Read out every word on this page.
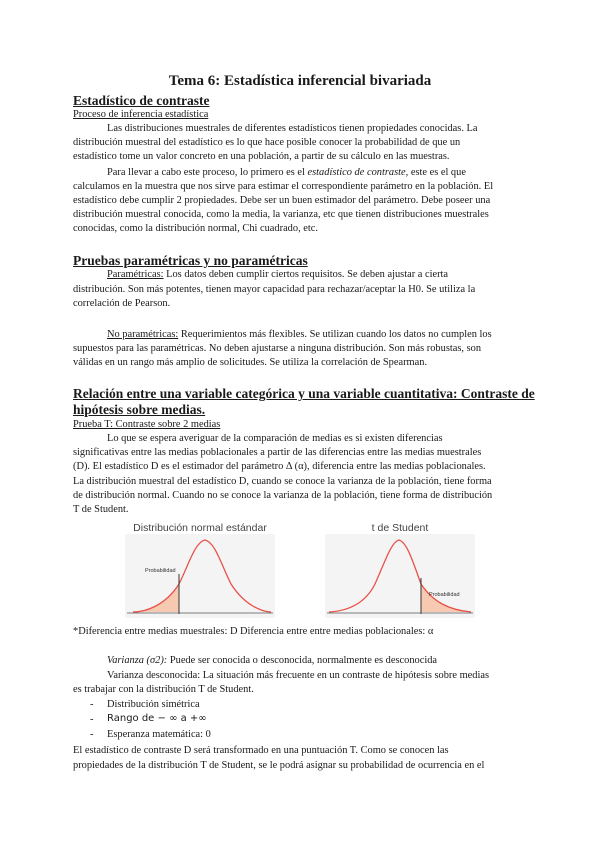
Tema 6: Estadística inferencial bivariada
Estadístico de contraste
Proceso de inferencia estadística
Las distribuciones muestrales de diferentes estadísticos tienen propiedades conocidas. La
distribución muestral del estadístico es lo que hace posible conocer la probabilidad de que un
estadístico tome un valor concreto en una población, a partir de su cálculo en las muestras.
Para llevar a cabo este proceso, lo primero es el estadístico de contraste, este es el que
calculamos en la muestra que nos sirve para estimar el correspondiente parámetro en la población. El
estadístico debe cumplir 2 propiedades. Debe ser un buen estimador del parámetro. Debe poseer una
distribución muestral conocida, como la media, la varianza, etc que tienen distribuciones muestrales
conocidas, como la distribución normal, Chi cuadrado, etc.
Pruebas paramétricas y no paramétricas
Paramétricas: Los datos deben cumplir ciertos requisitos. Se deben ajustar a cierta
distribución. Son más potentes, tienen mayor capacidad para rechazar/aceptar la H0. Se utiliza la
correlación de Pearson.
No paramétricas: Requerimientos más flexibles. Se utilizan cuando los datos no cumplen los
supuestos para las paramétricas. No deben ajustarse a ninguna distribución. Son más robustas, son
válidas en un rango más amplio de solicitudes. Se utiliza la correlación de Spearman.
Relación entre una variable categórica y una variable cuantitativa: Contraste de
hipótesis sobre medias.
Prueba T: Contraste sobre 2 medias
Lo que se espera averiguar de la comparación de medias es si existen diferencias
significativas entre las medias poblacionales a partir de las diferencias entre las medias muestrales
(D). El estadístico D es el estimador del parámetro Δ (α), diferencia entre las medias poblacionales.
La distribución muestral del estadístico D, cuando se conoce la varianza de la población, tiene forma
de distribución normal. Cuando no se conoce la varianza de la población, tiene forma de distribución
T de Student.
Distribución normal estándar
Probabilidad
t de Student
Probabilidad
*Diferencia entre medias muestrales: D Diferencia entre entre medias poblacionales: α
Varianza (σ2): Puede ser conocida o desconocida, normalmente es desconocida
Varianza desconocida: La situación más frecuente en un contraste de hipótesis sobre medias
es trabajar con la distribución T de Student.
- Distribución simétrica
- Rango de − ∞ a +∞
- Esperanza matemática: 0
El estadístico de contraste D será transformado en una puntuación T. Como se conocen las
propiedades de la distribución T de Student, se le podrá asignar su probabilidad de ocurrencia en el
